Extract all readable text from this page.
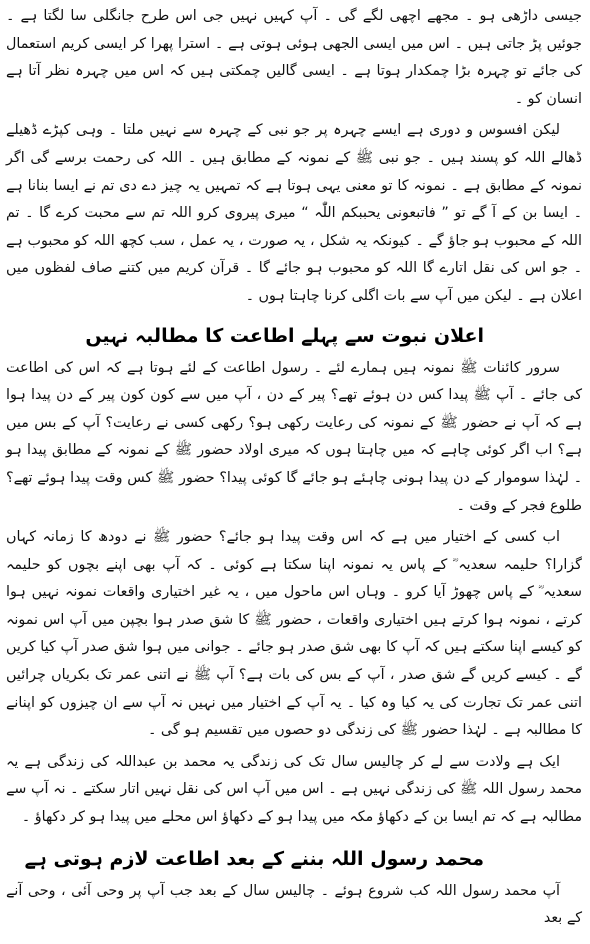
جیسی داڑھی ہو ۔ مجھے اچھی لگے گی ۔ آپ کہیں نہیں جی اس طرح جانگلی سا لگتا ہے ۔ جوئیں پڑ جاتی ہیں ۔ اس میں ایسی الجھی ہوئی ہوتی ہے ۔ استرا پھرا کر ایسی کریم استعمال کی جائے تو چہرہ بڑا چمکدار ہوتا ہے ۔ ایسی گالیں چمکتی ہیں کہ اس میں چہرہ نظر آتا ہے انسان کو ۔

لیکن افسوس و دوری ہے ایسے چہرہ پر جو نبی کے چہرہ سے نہیں ملتا ۔ وہی کپڑے ڈھیلے ڈھالے اللہ کو پسند ہیں ۔ جو نبی ﷺ کے نمونہ کے مطابق ہیں ۔ اللہ کی رحمت برسے گی اگر نمونہ کے مطابق ہے ۔ نمونہ کا تو معنی یہی ہوتا ہے کہ تمہیں یہ چیز دے دی تم نے ایسا بنانا ہے ۔ ایسا بن کے آ گے تو ” فاتبعونی یحببکم اللّٰہ “ میری پیروی کرو اللہ تم سے محبت کرے گا ۔ تم اللہ کے محبوب ہو جاؤ گے ۔ کیونکہ یہ شکل ، یہ صورت ، یہ عمل ، سب کچھ اللہ کو محبوب ہے ۔ جو اس کی نقل اتارے گا اللہ کو محبوب ہو جائے گا ۔ قرآن کریم میں کتنے صاف لفظوں میں اعلان ہے ۔ لیکن میں آپ سے بات اگلی کرنا چاہتا ہوں ۔

اعلان نبوت سے پہلے اطاعت کا مطالبہ نہیں

سرور کائنات ﷺ نمونہ ہیں ہمارے لئے ۔ رسول اطاعت کے لئے ہوتا ہے کہ اس کی اطاعت کی جائے ۔ آپ ﷺ پیدا کس دن ہوئے تھے؟ پیر کے دن ، آپ میں سے کون کون پیر کے دن پیدا ہوا ہے کہ آپ نے حضور ﷺ کے نمونہ کی رعایت رکھی ہو؟ رکھی کسی نے رعایت؟ آپ کے بس میں ہے؟ اب اگر کوئی چاہے کہ میں چاہتا ہوں کہ میری اولاد حضور ﷺ کے نمونہ کے مطابق پیدا ہو ۔ لہٰذا سوموار کے دن پیدا ہونی چاہئے ہو جائے گا کوئی پیدا؟ حضور ﷺ کس وقت پیدا ہوئے تھے؟ طلوع فجر کے وقت ۔

اب کسی کے اختیار میں ہے کہ اس وقت پیدا ہو جائے؟ حضور ﷺ نے دودھ کا زمانہ کہاں گزارا؟ حلیمہ سعدیہ ؓ کے پاس یہ نمونہ اپنا سکتا ہے کوئی ۔ کہ آپ بھی اپنے بچوں کو حلیمہ سعدیہ ؓ کے پاس چھوڑ آیا کرو ۔ وہاں اس ماحول میں ، یہ غیر اختیاری واقعات نمونہ نہیں ہوا کرتے ، نمونہ ہوا کرتے ہیں اختیاری واقعات ، حضور ﷺ کا شق صدر ہوا بچپن میں آپ اس نمونہ کو کیسے اپنا سکتے ہیں کہ آپ کا بھی شق صدر ہو جائے ۔ جوانی میں ہوا شق صدر آپ کیا کریں گے ۔ کیسے کریں گے شق صدر ، آپ کے بس کی بات ہے؟ آپ ﷺ نے اتنی عمر تک بکریاں چرائیں اتنی عمر تک تجارت کی یہ کیا وہ کیا ۔ یہ آپ کے اختیار میں نہیں نہ آپ سے ان چیزوں کو اپنانے کا مطالبہ ہے ۔ لہٰذا حضور ﷺ کی زندگی دو حصوں میں تقسیم ہو گی ۔

ایک ہے ولادت سے لے کر چالیس سال تک کی زندگی یہ محمد بن عبداللہ کی زندگی ہے یہ محمد رسول اللہ ﷺ کی زندگی نہیں ہے ۔ اس میں آپ اس کی نقل نہیں اتار سکتے ۔ نہ آپ سے مطالبہ ہے کہ تم ایسا بن کے دکھاؤ مکہ میں پیدا ہو کے دکھاؤ اس محلے میں پیدا ہو کر دکھاؤ ۔

محمد رسول اللہ بننے کے بعد اطاعت لازم ہوتی ہے

آپ محمد رسول اللہ کب شروع ہوئے ۔ چالیس سال کے بعد جب آپ پر وحی آئی ، وحی آنے کے بعد
